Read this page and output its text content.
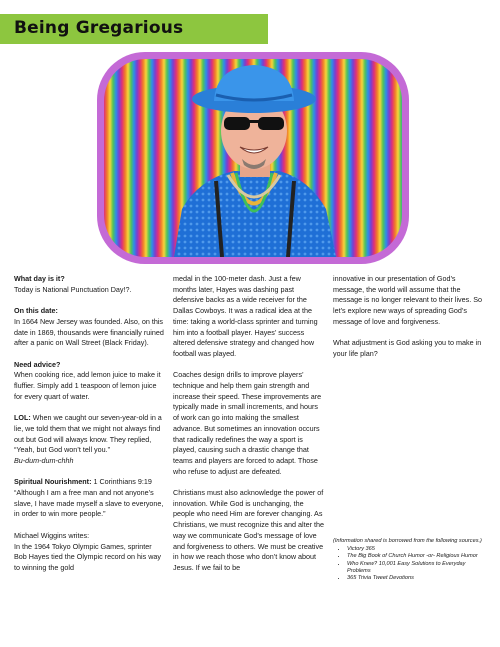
Being Gregarious

What day is it?

Today is National Punctuation Day!?.

On this date:

In 1664 New Jersey was founded. Also, on this date in 1869, thousands were financially ruined after a panic on Wall Street (Black Friday).

Need advice?

When cooking rice, add lemon juice to make it fluffier. Simply add 1 teaspoon of lemon juice for every quart of water.

LOL: When we caught our seven-year-old in a lie, we told them that we might not always find out but God will always know. They replied, “Yeah, but God won’t tell you.”

Bu-dum-dum-chhh

Spiritual Nourishment: 1 Corinthians 9:19 “Although I am a free man and not anyone’s slave, I have made myself a slave to everyone, in order to win more people.”

Michael Wiggins writes:

In the 1964 Tokyo Olympic Games, sprinter Bob Hayes tied the Olympic record on his way to winning the gold

medal in the 100-meter dash. Just a few months later, Hayes was dashing past defensive backs as a wide receiver for the Dallas Cowboys. It was a radical idea at the time: taking a world-class sprinter and turning him into a football player. Hayes’ success altered defensive strategy and changed how football was played.

Coaches design drills to improve players’ technique and help them gain strength and increase their speed. These improvements are typically made in small increments, and hours of work can go into making the smallest advance. But sometimes an innovation occurs that radically redefines the way a sport is played, causing such a drastic change that teams and players are forced to adapt. Those who refuse to adjust are defeated.

Christians must also acknowledge the power of innovation. While God is unchanging, the people who need Him are forever changing. As Christians, we must recognize this and alter the way we communicate God’s message of love and forgiveness to others. We must be creative in how we reach those who don’t know about Jesus. If we fail to be

innovative in our presentation of God’s message, the world will assume that the message is no longer relevant to their lives. So let’s explore new ways of spreading God’s message of love and forgiveness.

What adjustment is God asking you to make in your life plan?

(Information shared is borrowed from the following sources.)
• Victory 365
• The Big Book of Church Humor -or- Religious Humor
• Who Knew? 10,001 Easy Solutions to Everyday Problems
• 365 Trivia Tweet Devotions
